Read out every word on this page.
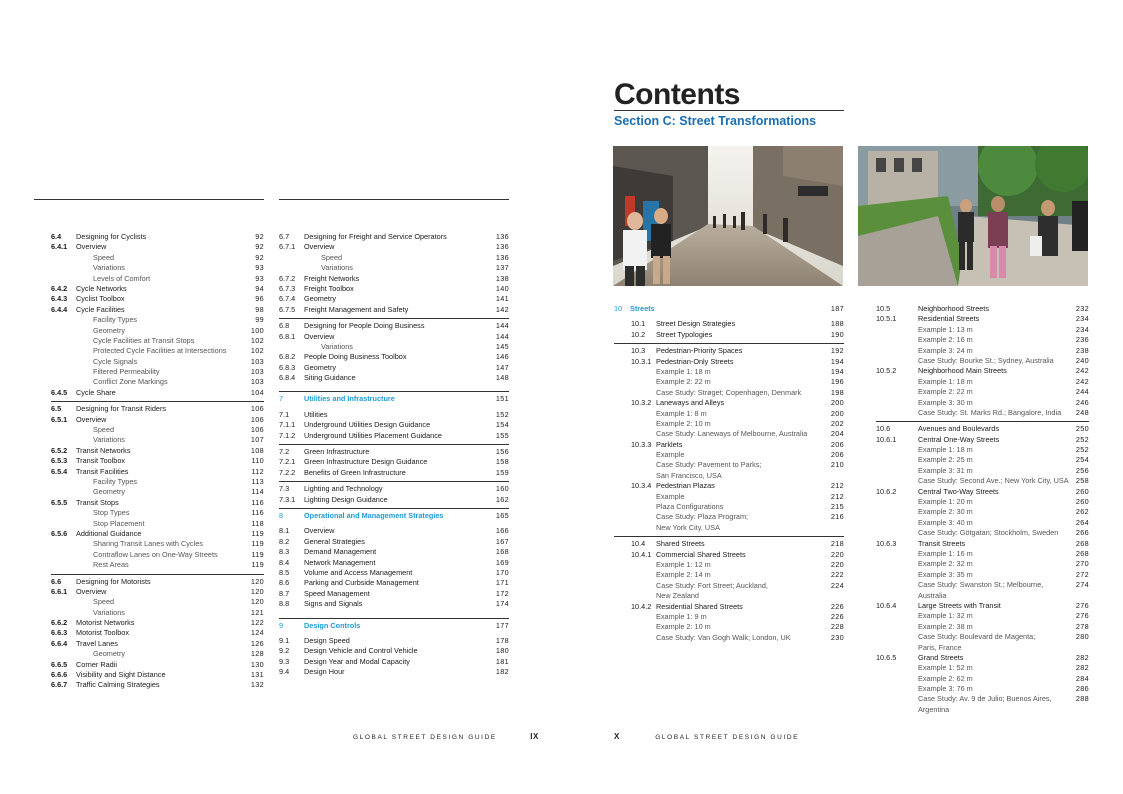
Contents
Section C: Street Transformations
6.4 Designing for Cyclists	92
6.4.1 Overview	92
Speed	92
Variations	93
Levels of Comfort	93
6.4.2 Cycle Networks	94
6.4.3 Cyclist Toolbox	96
6.4.4 Cycle Facilities	98
Facility Types	99
Geometry	100
Cycle Facilities at Transit Stops	102
Protected Cycle Facilities at Intersections	102
Cycle Signals	103
Filtered Permeability	103
Conflict Zone Markings	103
6.4.5 Cycle Share	104
6.5 Designing for Transit Riders	106
6.5.1 Overview	106
Speed	106
Variations	107
6.5.2 Transit Networks	108
6.5.3 Transit Toolbox	110
6.5.4 Transit Facilities	112
Facility Types	113
Geometry	114
6.5.5 Transit Stops	116
Stop Types	116
Stop Placement	118
6.5.6 Additional Guidance	119
Sharing Transit Lanes with Cycles	119
Contraflow Lanes on One-Way Streets	119
Rest Areas	119
6.6 Designing for Motorists	120
6.6.1 Overview	120
Speed	120
Variations	121
6.6.2 Motorist Networks	122
6.6.3 Motorist Toolbox	124
6.6.4 Travel Lanes	126
Geometry	128
6.6.5 Corner Radii	130
6.6.6 Visibility and Sight Distance	131
6.6.7 Traffic Calming Strategies	132
6.7 Designing for Freight and Service Operators	136
6.7.1 Overview	136
Speed	136
Variations	137
6.7.2 Freight Networks	138
6.7.3 Freight Toolbox	140
6.7.4 Geometry	141
6.7.5 Freight Management and Safety	142
6.8 Designing for People Doing Business	144
6.8.1 Overview	144
Variations	145
6.8.2 People Doing Business Toolbox	146
6.8.3 Geometry	147
6.8.4 Siting Guidance	148
7	Utilities and Infrastructure	151
7.1 Utilities	152
7.1.1 Underground Utilities Design Guidance	154
7.1.2 Underground Utilities Placement Guidance	155
7.2 Green Infrastructure	156
7.2.1 Green Infrastructure Design Guidance	158
7.2.2 Benefits of Green Infrastructure	159
7.3 Lighting and Technology	160
7.3.1 Lighting Design Guidance	162
8	Operational and Management Strategies	165
8.1 Overview	166
8.2 General Strategies	167
8.3 Demand Management	168
8.4 Network Management	169
8.5 Volume and Access Management	170
8.6 Parking and Curbside Management	171
8.7 Speed Management	172
8.8 Signs and Signals	174
9	Design Controls	177
9.1 Design Speed	178
9.2 Design Vehicle and Control Vehicle	180
9.3 Design Year and Modal Capacity	181
9.4 Design Hour	182
10 Streets	187
10.1 Street Design Strategies	188
10.2 Street Typologies	190
10.3 Pedestrian-Priority Spaces	192
10.3.1 Pedestrian-Only Streets	194
Example 1: 18 m	194
Example 2: 22 m	196
Case Study: Strøget; Copenhagen, Denmark	198
10.3.2 Laneways and Alleys	200
Example 1: 8 m	200
Example 2: 10 m	202
Case Study: Laneways of Melbourne, Australia	204
10.3.3 Parklets	206
Example	206
Case Study: Pavement to Parks;	210
San Francisco, USA
10.3.4 Pedestrian Plazas	212
Example	212
Plaza Configurations	215
Case Study: Plaza Program;	216
New York City, USA
10.4 Shared Streets	218
10.4.1 Commercial Shared Streets	220
Example 1: 12 m	220
Example 2: 14 m	222
Case Study: Fort Street; Auckland,	224
New Zealand
10.4.2 Residential Shared Streets	226
Example 1: 9 m	226
Example 2: 10 m	228
Case Study: Van Gogh Walk; London, UK	230
10.5	Neighborhood Streets	232
10.5.1	Residential Streets	234
Example 1: 13 m	234
Example 2: 16 m	236
Example 3: 24 m	238
Case Study: Bourke St.; Sydney, Australia	240
10.5.2	Neighborhood Main Streets	242
Example 1: 18 m	242
Example 2: 22 m	244
Example 3: 30 m	246
Case Study: St. Marks Rd.; Bangalore, India 248
10.6	Avenues and Boulevards	250
10.6.1	Central One-Way Streets	252
Example 1: 18 m	252
Example 2: 25 m	254
Example 3: 31 m	256
Case Study: Second Ave.; New York City, USA 258
10.6.2	Central Two-Way Streets	260
Example 1: 20 m	260
Example 2: 30 m	262
Example 3: 40 m	264
Case Study: Götgatan; Stockholm, Sweden 266
10.6.3	Transit Streets	268
Example 1: 16 m	268
Example 2: 32 m	270
Example 3: 35 m	272
Case Study: Swanston St.; Melbourne,	274
Australia
10.6.4	Large Streets with Transit	276
Example 1: 32 m	276
Example 2: 38 m	278
Case Study: Boulevard de Magenta;	280
Paris, France
10.6.5	Grand Streets	282
Example 1: 52 m	282
Example 2: 62 m	284
Example 3: 76 m	286
Case Study: Av. 9 de Julio; Buenos Aires,	288
Argentina
GLOBAL STREET DESIGN GUIDE	IX	X	GLOBAL STREET DESIGN GUIDE
